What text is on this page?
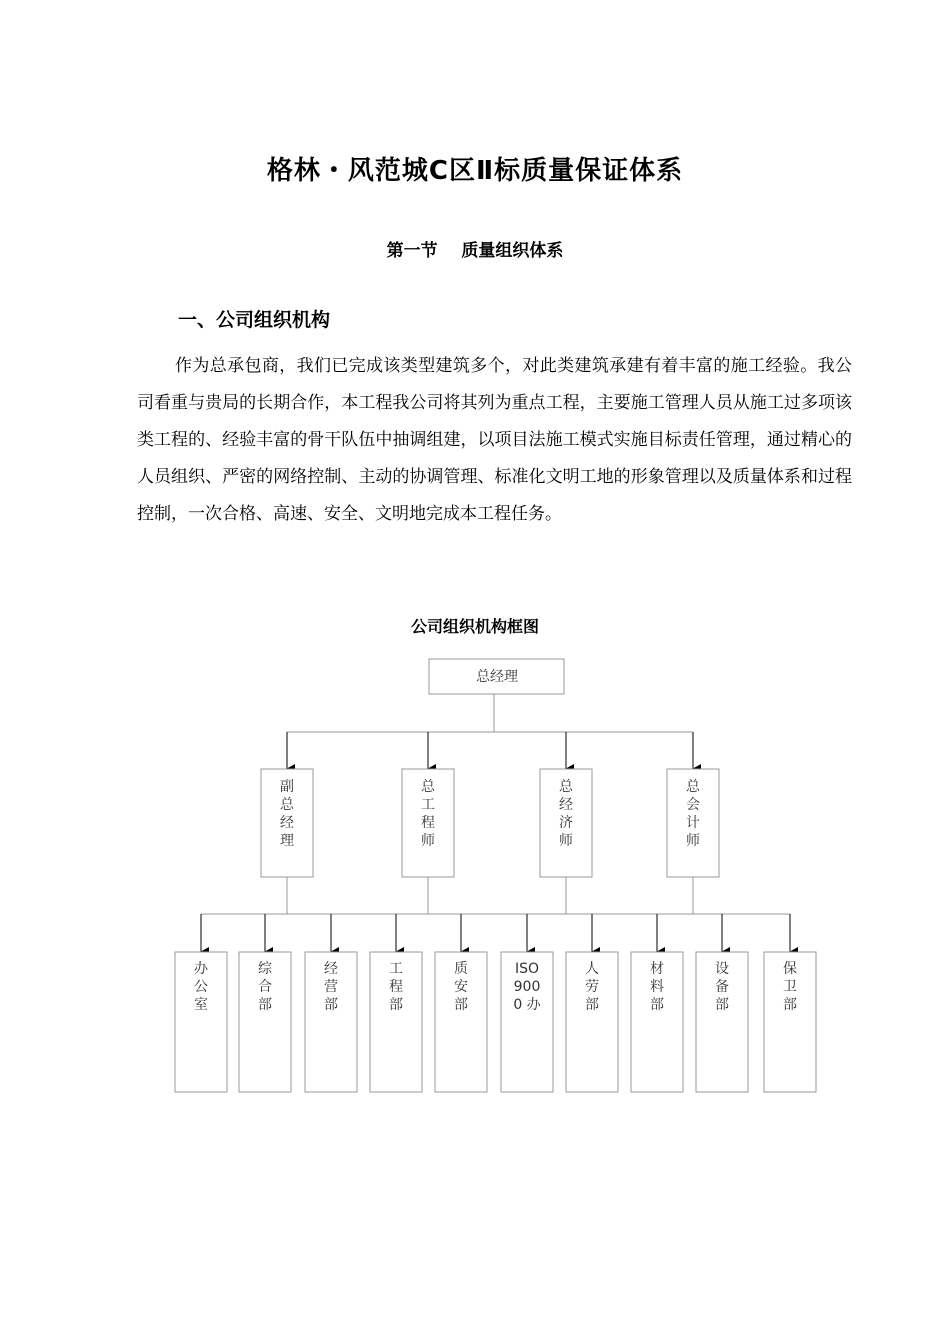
格林・风范城C区Ⅱ标质量保证体系
第一节    质量组织体系
一、公司组织机构
作为总承包商，我们已完成该类型建筑多个，对此类建筑承建有着丰富的施工经验。我公司看重与贵局的长期合作，本工程我公司将其列为重点工程，主要施工管理人员从施工过多项该类工程的、经验丰富的骨干队伍中抽调组建，以项目法施工模式实施目标责任管理，通过精心的人员组织、严密的网络控制、主动的协调管理、标准化文明工地的形象管理以及质量体系和过程控制，一次合格、高速、安全、文明地完成本工程任务。
公司组织机构框图
总经理
副
总
经
理
总
工
程
师
总
经
济
师
总
会
计
师
办
公
室
综
合
部
经
营
部
工
程
部
质
安
部
ISO
900
0 办
人
劳
部
材
料
部
设
备
部
保
卫
部
